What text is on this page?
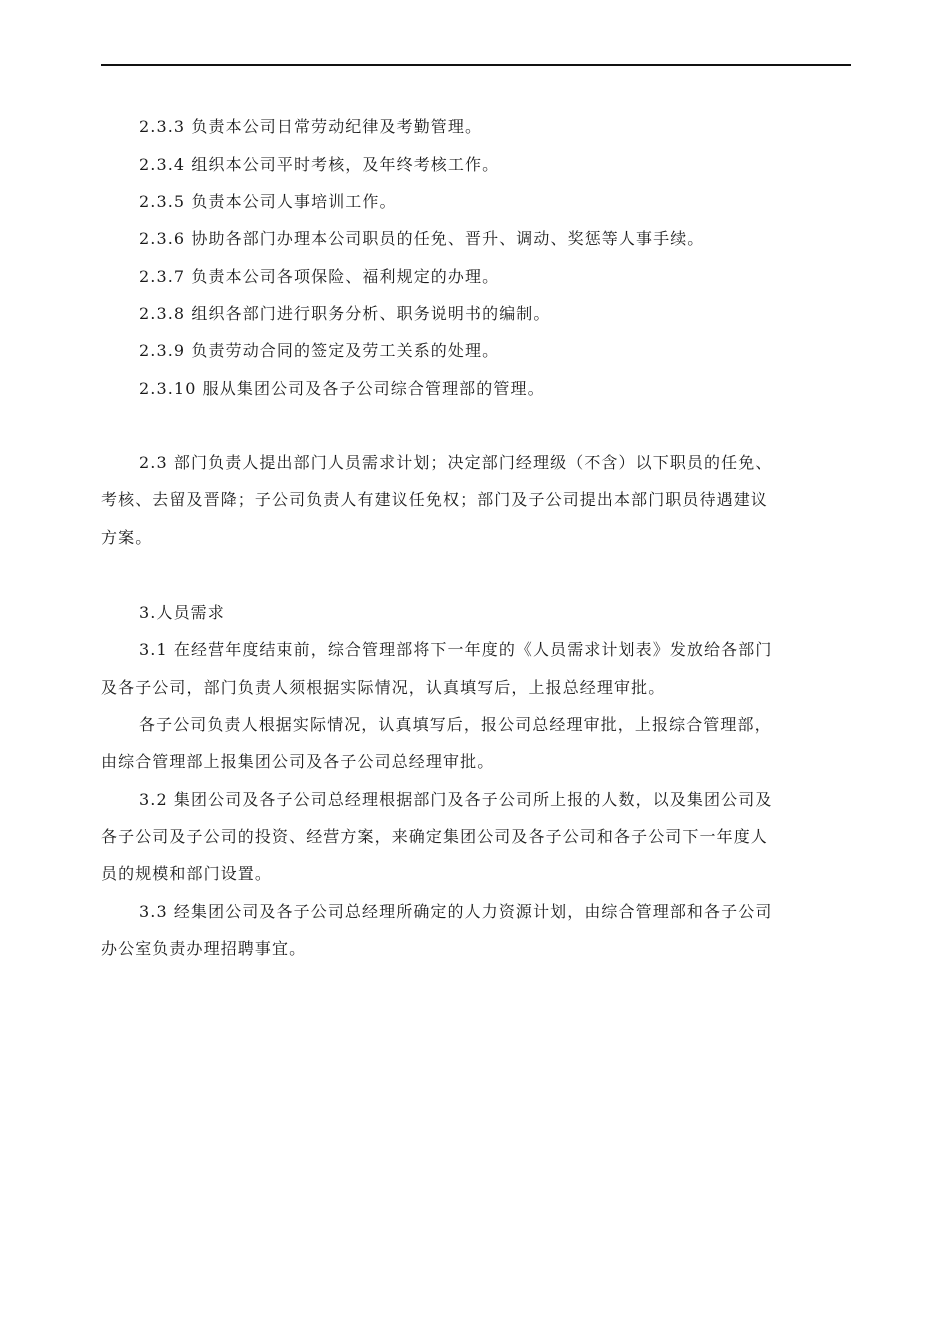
2.3.3 负责本公司日常劳动纪律及考勤管理。
2.3.4 组织本公司平时考核，及年终考核工作。
2.3.5 负责本公司人事培训工作。
2.3.6 协助各部门办理本公司职员的任免、晋升、调动、奖惩等人事手续。
2.3.7 负责本公司各项保险、福利规定的办理。
2.3.8 组织各部门进行职务分析、职务说明书的编制。
2.3.9 负责劳动合同的签定及劳工关系的处理。
2.3.10 服从集团公司及各子公司综合管理部的管理。
2.3 部门负责人提出部门人员需求计划；决定部门经理级（不含）以下职员的任免、
考核、去留及晋降；子公司负责人有建议任免权；部门及子公司提出本部门职员待遇建议
方案。
3.人员需求
3.1 在经营年度结束前，综合管理部将下一年度的《人员需求计划表》发放给各部门
及各子公司，部门负责人须根据实际情况，认真填写后，上报总经理审批。
各子公司负责人根据实际情况，认真填写后，报公司总经理审批，上报综合管理部，
由综合管理部上报集团公司及各子公司总经理审批。
3.2 集团公司及各子公司总经理根据部门及各子公司所上报的人数，以及集团公司及
各子公司及子公司的投资、经营方案，来确定集团公司及各子公司和各子公司下一年度人
员的规模和部门设置。
3.3 经集团公司及各子公司总经理所确定的人力资源计划，由综合管理部和各子公司
办公室负责办理招聘事宜。
